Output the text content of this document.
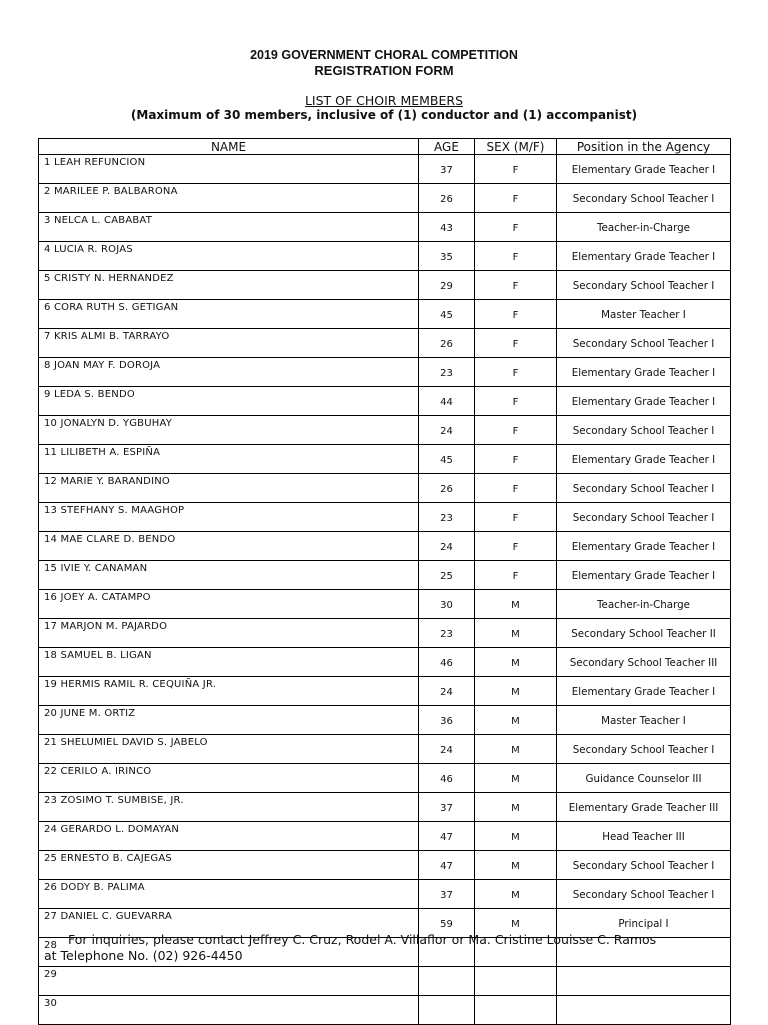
2019 GOVERNMENT CHORAL COMPETITION
REGISTRATION FORM
LIST OF CHOIR MEMBERS
(Maximum of 30 members, inclusive of (1) conductor and (1) accompanist)
NAME	AGE	SEX (M/F)	Position in the Agency
1 LEAH REFUNCION	37	F	Elementary Grade Teacher I
2 MARILEE P. BALBARONA	26	F	Secondary School Teacher I
3 NELCA L. CABABAT	43	F	Teacher-in-Charge
4 LUCIA R. ROJAS	35	F	Elementary Grade Teacher I
5 CRISTY N. HERNANDEZ	29	F	Secondary School Teacher I
6 CORA RUTH S. GETIGAN	45	F	Master Teacher I
7 KRIS ALMI B. TARRAYO	26	F	Secondary School Teacher I
8 JOAN MAY F. DOROJA	23	F	Elementary Grade Teacher I
9 LEDA S. BENDO	44	F	Elementary Grade Teacher I
10 JONALYN D. YGBUHAY	24	F	Secondary School Teacher I
11 LILIBETH A. ESPIÑA	45	F	Elementary Grade Teacher I
12 MARIE Y. BARANDINO	26	F	Secondary School Teacher I
13 STEFHANY S. MAAGHOP	23	F	Secondary School Teacher I
14 MAE CLARE D. BENDO	24	F	Elementary Grade Teacher I
15 IVIE Y. CANAMAN	25	F	Elementary Grade Teacher I
16 JOEY A. CATAMPO	30	M	Teacher-in-Charge
17 MARJON M. PAJARDO	23	M	Secondary School Teacher II
18 SAMUEL B. LIGAN	46	M	Secondary School Teacher III
19 HERMIS RAMIL R. CEQUIÑA JR.	24	M	Elementary Grade Teacher I
20 JUNE M. ORTIZ	36	M	Master Teacher I
21 SHELUMIEL DAVID S. JABELO	24	M	Secondary School Teacher I
22 CERILO A. IRINCO	46	M	Guidance Counselor III
23 ZOSIMO T. SUMBISE, JR.	37	M	Elementary Grade Teacher III
24 GERARDO L. DOMAYAN	47	M	Head Teacher III
25 ERNESTO B. CAJEGAS	47	M	Secondary School Teacher I
26 DODY B. PALIMA	37	M	Secondary School Teacher I
27 DANIEL C. GUEVARRA	59	M	Principal I
28			
29			
30			
For inquiries, please contact Jeffrey C. Cruz, Rodel A. Villaflor or Ma. Cristine Louisse C. Ramos
at Telephone No. (02) 926-4450
